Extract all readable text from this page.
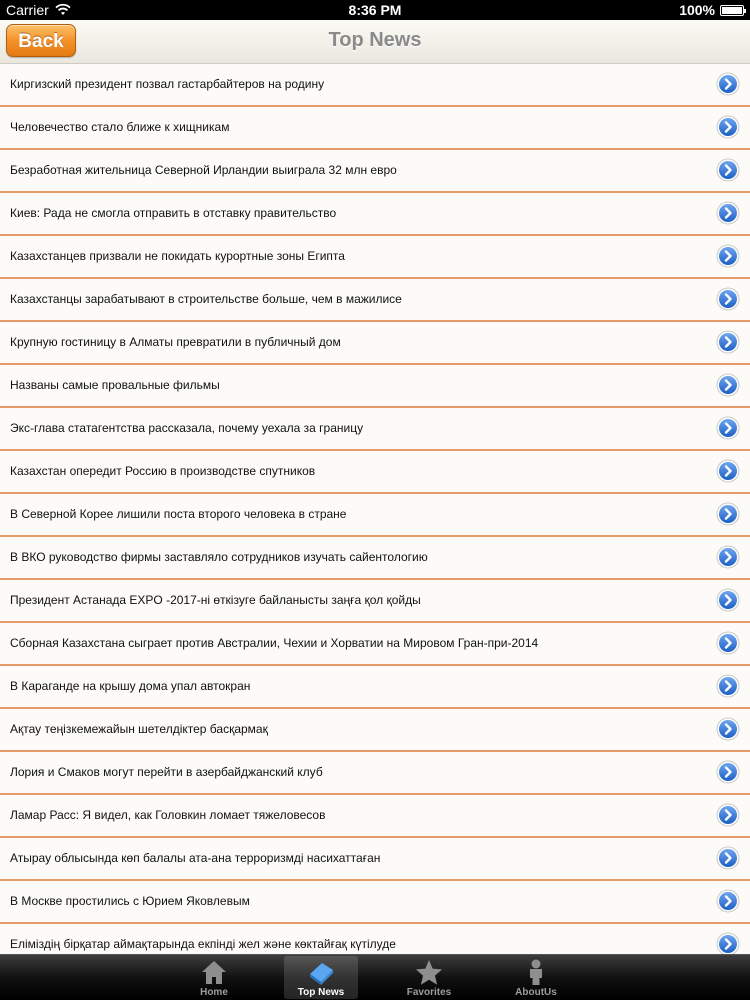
Carrier	8:36 PM	100%
Back	Top News
Киргизский президент позвал гастарбайтеров на родину
Человечество стало ближе к хищникам
Безработная жительница Северной Ирландии выиграла 32 млн евро
Киев: Рада не смогла отправить в отставку правительство
Казахстанцев призвали не покидать курортные зоны Египта
Казахстанцы зарабатывают в строительстве больше, чем в мажилисе
Крупную гостиницу в Алматы превратили в публичный дом
Названы самые провальные фильмы
Экс-глава статагентства рассказала, почему уехала за границу
Казахстан опередит Россию в производстве спутников
В Северной Корее лишили поста второго человека в стране
В ВКО руководство фирмы заставляло сотрудников изучать сайентологию
Президент Астанада EXPO -2017-ні өткізуге байланысты заңға қол қойды
Сборная Казахстана сыграет против Австралии, Чехии и Хорватии на Мировом Гран-при-2014
В Караганде на крышу дома упал автокран
Ақтау теңізкемежайын шетелдіктер басқармақ
Лория и Смаков могут перейти в азербайджанский клуб
Ламар Расс: Я видел, как Головкин ломает тяжеловесов
Атырау облысында көп балалы ата-ана терроризмді насихаттаған
В Москве простились с Юрием Яковлевым
Еліміздің бірқатар аймақтарында екпінді жел және көктайғақ күтілуде
Home	Top News	Favorites	AboutUs
